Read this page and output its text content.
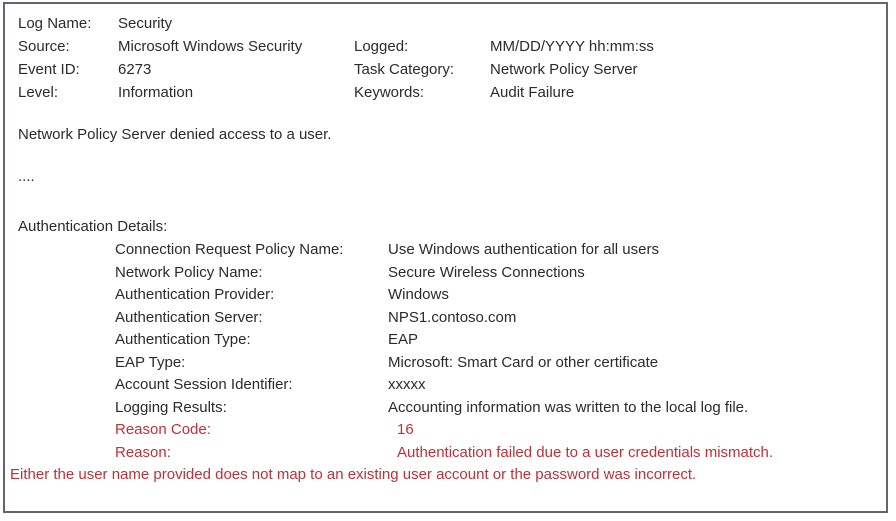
Log Name: Security
Source:	Microsoft Windows Security	Logged:	MM/DD/YYYY hh:mm:ss
Event ID:	6273	Task Category: Network Policy Server
Level:	Information	Keywords:	Audit Failure
Network Policy Server denied access to a user.
....
Authentication Details:
Connection Request Policy Name:	Use Windows authentication for all users
Network Policy Name:	Secure Wireless Connections
Authentication Provider:	Windows
Authentication Server:	NPS1.contoso.com
Authentication Type:	EAP
EAP Type:	Microsoft: Smart Card or other certificate
Account Session Identifier:	xxxxx
Logging Results:	Accounting information was written to the local log file.
Reason Code:	16
Reason:	Authentication failed due to a user credentials mismatch.
Either the user name provided does not map to an existing user account or the password was incorrect.
